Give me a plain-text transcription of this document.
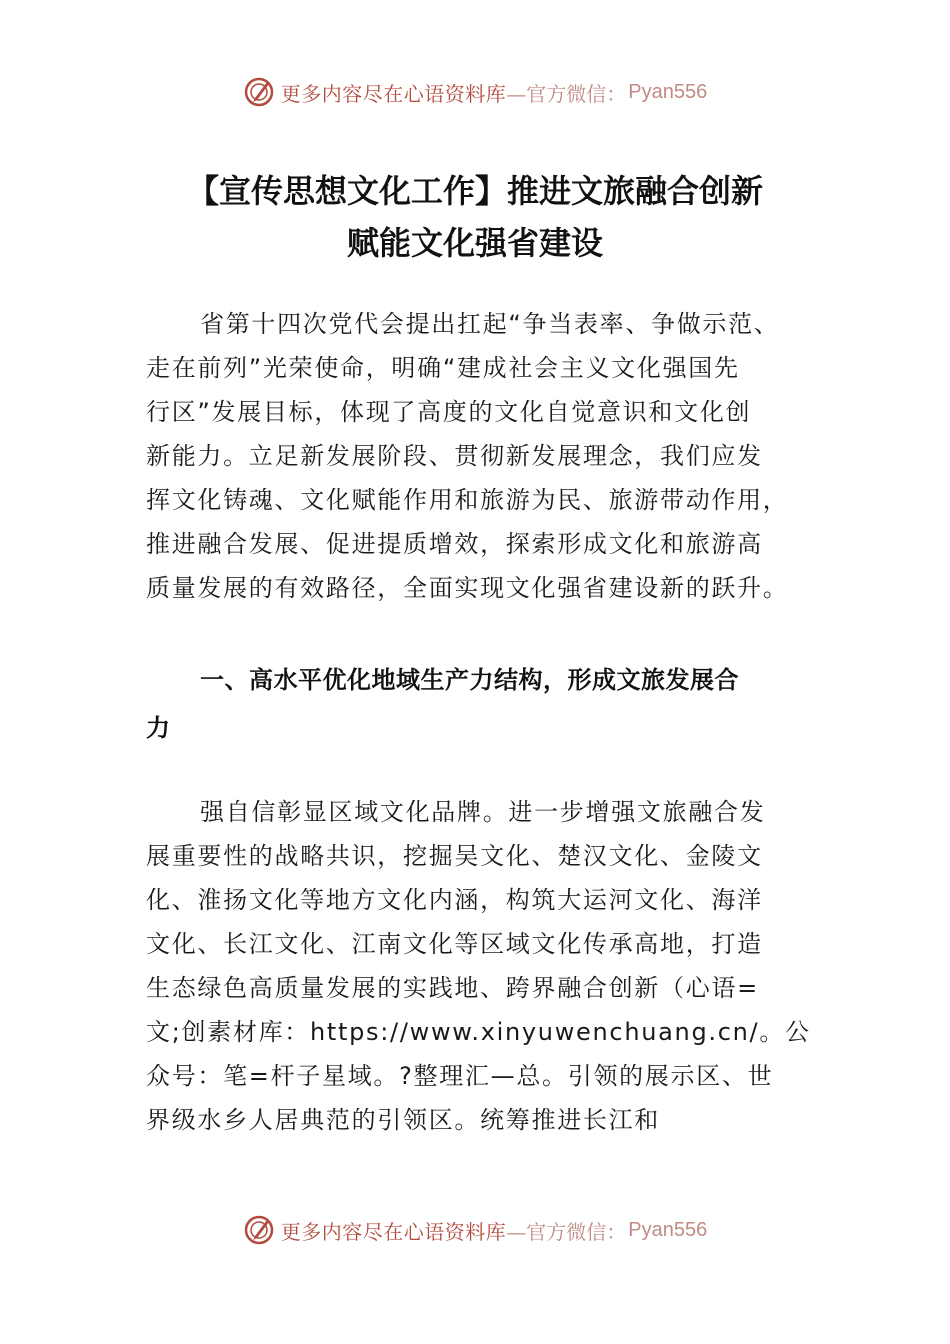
更多内容尽在心语资料库 —官方微信： Pyan556
【宣传思想文化工作】推进文旅融合创新
赋能文化强省建设
省第十四次党代会提出扛起“争当表率、争做示范、
走在前列”光荣使命，明确“建成社会主义文化强国先
行区”发展目标，体现了高度的文化自觉意识和文化创
新能力。立足新发展阶段、贯彻新发展理念，我们应发
挥文化铸魂、文化赋能作用和旅游为民、旅游带动作用，
推进融合发展、促进提质增效，探索形成文化和旅游高
质量发展的有效路径，全面实现文化强省建设新的跃升。
一、高水平优化地域生产力结构，形成文旅发展合
力
强自信彰显区域文化品牌。进一步增强文旅融合发
展重要性的战略共识，挖掘吴文化、楚汉文化、金陵文
化、淮扬文化等地方文化内涵，构筑大运河文化、海洋
文化、长江文化、江南文化等区域文化传承高地，打造
生态绿色高质量发展的实践地、跨界融合创新（心语=
文;创素材库：https://www.xinyuwenchuang.cn/。公
众号：笔=杆子星域。?整理汇—总。引领的展示区、世
界级水乡人居典范的引领区。统筹推进长江和
更多内容尽在心语资料库 —官方微信： Pyan556
